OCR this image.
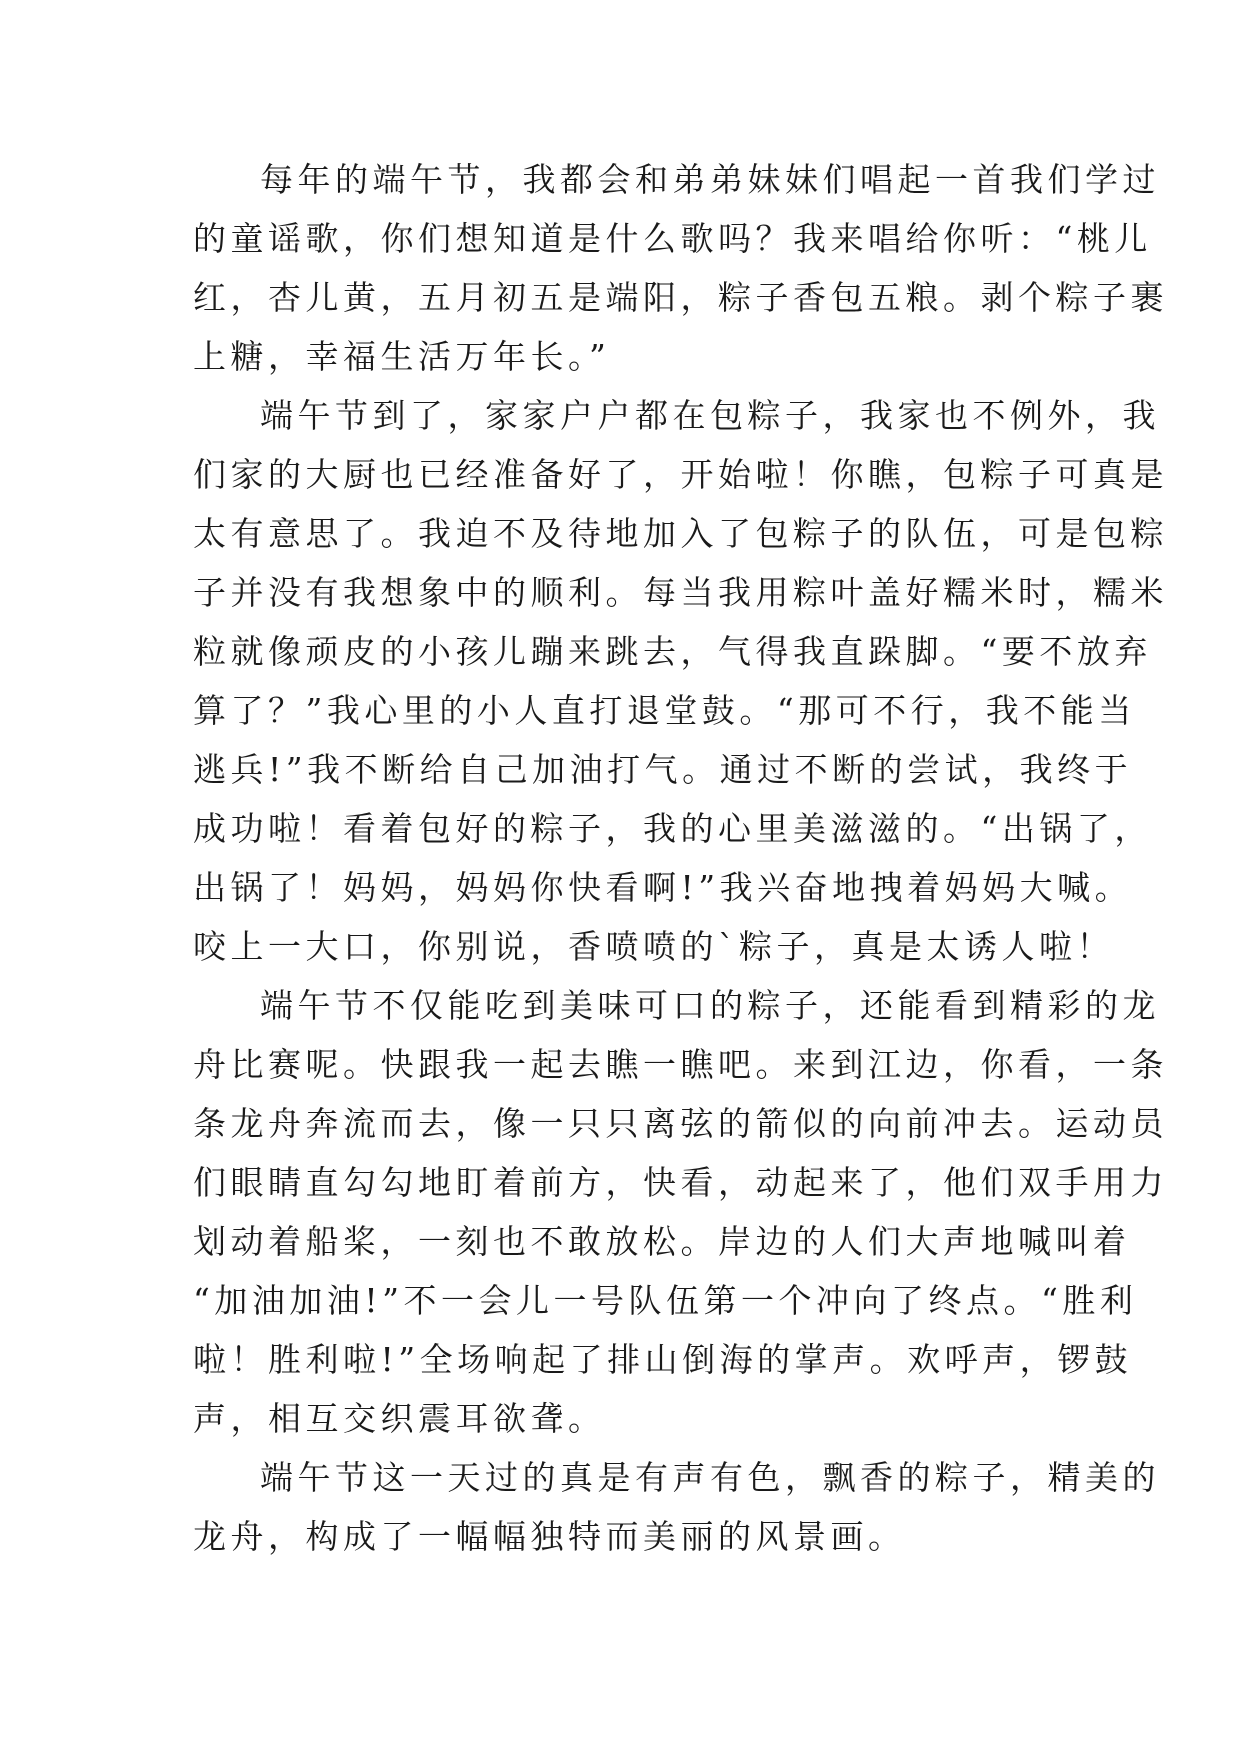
每年的端午节，我都会和弟弟妹妹们唱起一首我们学过
的童谣歌，你们想知道是什么歌吗？我来唱给你听：“桃儿
红，杏儿黄，五月初五是端阳，粽子香包五粮。剥个粽子裹
上糖，幸福生活万年长。”
端午节到了，家家户户都在包粽子，我家也不例外，我
们家的大厨也已经准备好了，开始啦！你瞧，包粽子可真是
太有意思了。我迫不及待地加入了包粽子的队伍，可是包粽
子并没有我想象中的顺利。每当我用粽叶盖好糯米时，糯米
粒就像顽皮的小孩儿蹦来跳去，气得我直跺脚。“要不放弃
算了？”我心里的小人直打退堂鼓。“那可不行，我不能当
逃兵!”我不断给自己加油打气。通过不断的尝试，我终于
成功啦！看着包好的粽子，我的心里美滋滋的。“出锅了，
出锅了！妈妈，妈妈你快看啊!”我兴奋地拽着妈妈大喊。
咬上一大口，你别说，香喷喷的`粽子，真是太诱人啦！
端午节不仅能吃到美味可口的粽子，还能看到精彩的龙
舟比赛呢。快跟我一起去瞧一瞧吧。来到江边，你看，一条
条龙舟奔流而去，像一只只离弦的箭似的向前冲去。运动员
们眼睛直勾勾地盯着前方，快看，动起来了，他们双手用力
划动着船桨，一刻也不敢放松。岸边的人们大声地喊叫着
“加油加油!”不一会儿一号队伍第一个冲向了终点。“胜利
啦！胜利啦!”全场响起了排山倒海的掌声。欢呼声，锣鼓
声，相互交织震耳欲聋。
端午节这一天过的真是有声有色，飘香的粽子，精美的
龙舟，构成了一幅幅独特而美丽的风景画。
